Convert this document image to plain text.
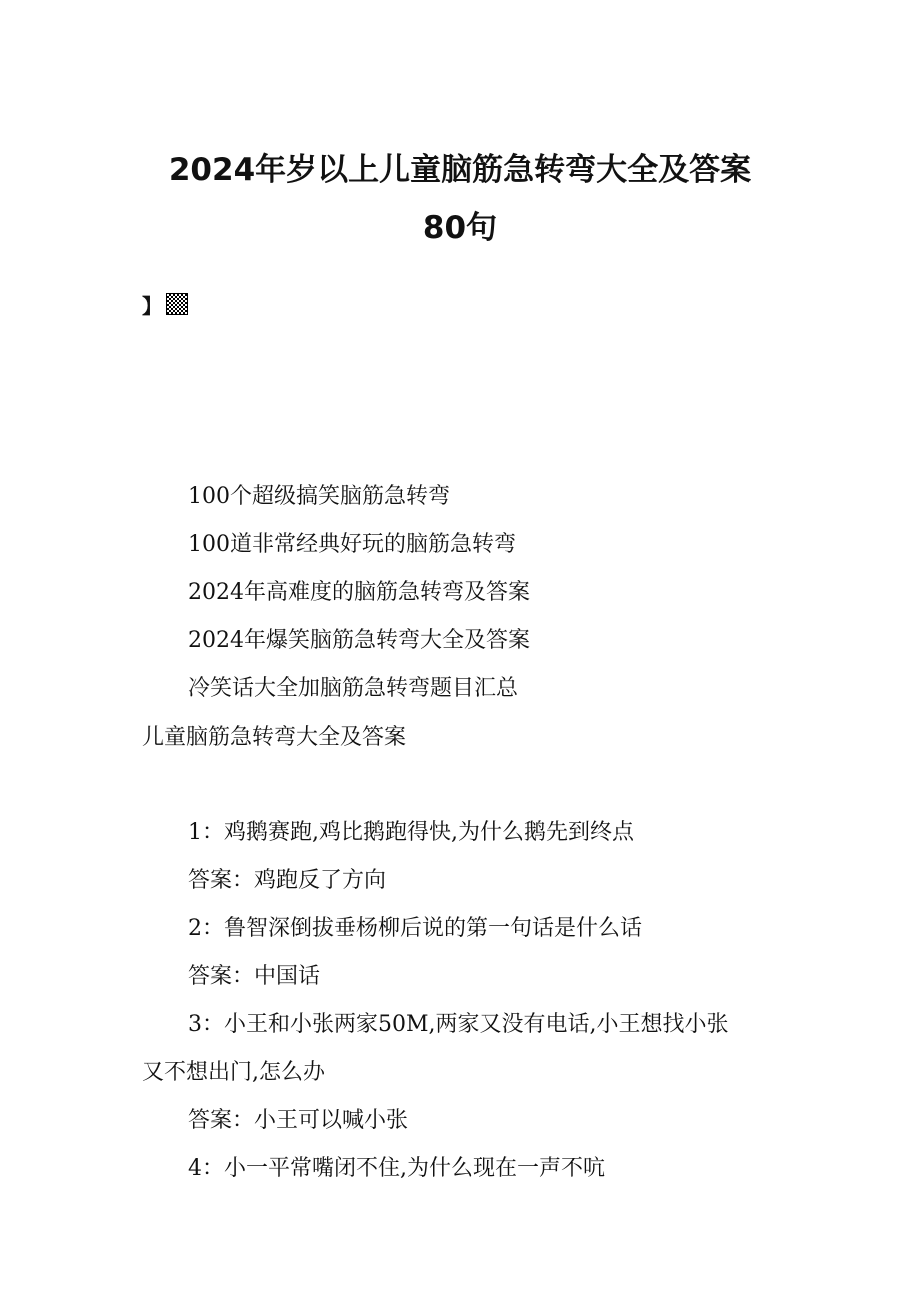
2024年岁以上儿童脑筋急转弯大全及答案
80句
】

100个超级搞笑脑筋急转弯

100道非常经典好玩的脑筋急转弯

2024年高难度的脑筋急转弯及答案

2024年爆笑脑筋急转弯大全及答案

冷笑话大全加脑筋急转弯题目汇总

儿童脑筋急转弯大全及答案

1：鸡鹅赛跑,鸡比鹅跑得快,为什么鹅先到终点

答案：鸡跑反了方向

2：鲁智深倒拔垂杨柳后说的第一句话是什么话

答案：中国话

3：小王和小张两家50M,两家又没有电话,小王想找小张

又不想出门,怎么办

答案：小王可以喊小张

4：小一平常嘴闭不住,为什么现在一声不吭
